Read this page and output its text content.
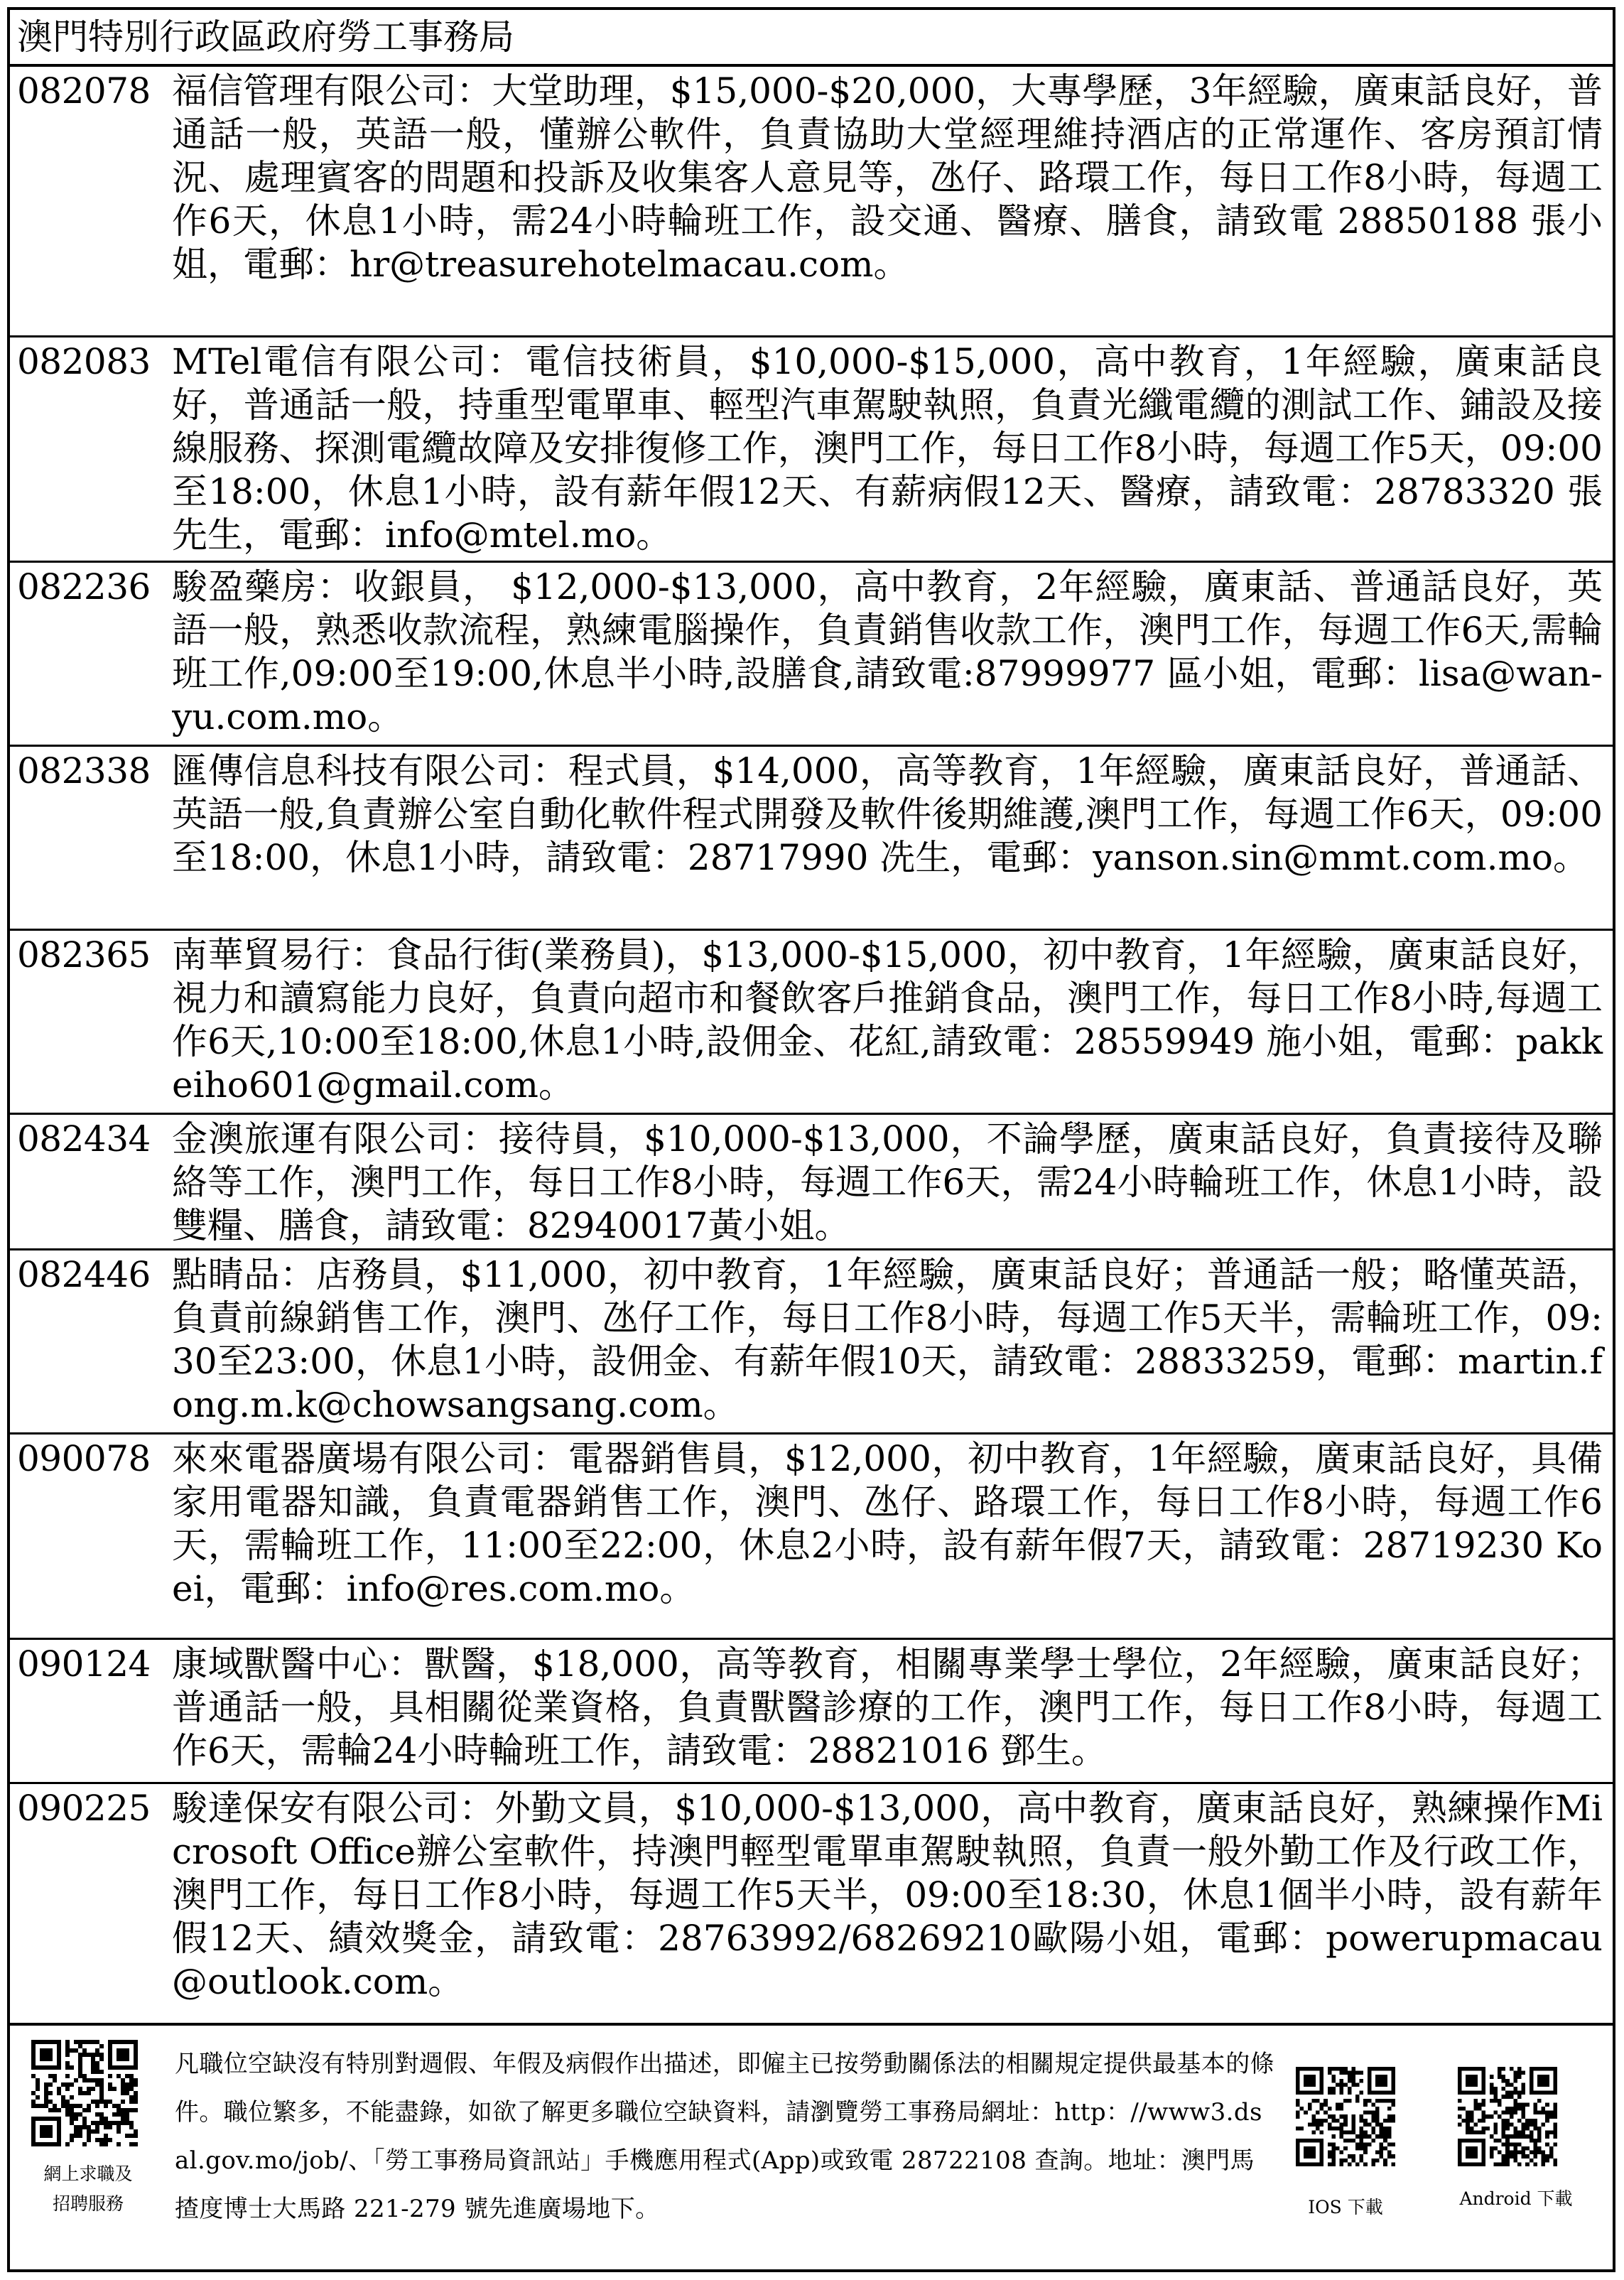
澳門特別行政區政府勞工事務局
082078 福信管理有限公司：大堂助理，$15,000-$20,000，大專學歷，3年經驗，廣東話良好，普通話一般，英語一般，懂辦公軟件，負責協助大堂經理維持酒店的正常運作、客房預訂情況、處理賓客的問題和投訴及收集客人意見等，氹仔、路環工作，每日工作8小時，每週工作6天，休息1小時，需24小時輪班工作，設交通、醫療、膳食，請致電 28850188 張小姐，電郵：hr@treasurehotelmacau.com。
082083 MTel電信有限公司：電信技術員，$10,000-$15,000，高中教育，1年經驗，廣東話良好，普通話一般，持重型電單車、輕型汽車駕駛執照，負責光纖電纜的測試工作、鋪設及接線服務、探測電纜故障及安排復修工作，澳門工作，每日工作8小時，每週工作5天，09:00至18:00，休息1小時，設有薪年假12天、有薪病假12天、醫療，請致電：28783320 張先生，電郵：info@mtel.mo。
082236 駿盈藥房：收銀員， $12,000-$13,000，高中教育，2年經驗，廣東話、普通話良好，英語一般，熟悉收款流程，熟練電腦操作，負責銷售收款工作，澳門工作，每週工作6天,需輪班工作,09:00至19:00,休息半小時,設膳食,請致電:87999977 區小姐，電郵：lisa@wan-yu.com.mo。
082338 匯傳信息科技有限公司：程式員，$14,000，高等教育，1年經驗，廣東話良好，普通話、英語一般,負責辦公室自動化軟件程式開發及軟件後期維護,澳門工作，每週工作6天，09:00至18:00，休息1小時，請致電：28717990 冼生，電郵：yanson.sin@mmt.com.mo。
082365 南華貿易行：食品行街(業務員)，$13,000-$15,000，初中教育，1年經驗，廣東話良好，視力和讀寫能力良好，負責向超市和餐飲客戶推銷食品，澳門工作，每日工作8小時,每週工作6天,10:00至18:00,休息1小時,設佣金、花紅,請致電：28559949 施小姐，電郵：pakkeiho601@gmail.com。
082434 金澳旅運有限公司：接待員，$10,000-$13,000，不論學歷，廣東話良好，負責接待及聯絡等工作，澳門工作，每日工作8小時，每週工作6天，需24小時輪班工作，休息1小時，設雙糧、膳食，請致電：82940017黃小姐。
082446 點睛品：店務員，$11,000，初中教育，1年經驗，廣東話良好；普通話一般；略懂英語，負責前線銷售工作，澳門、氹仔工作，每日工作8小時，每週工作5天半，需輪班工作，09:30至23:00，休息1小時，設佣金、有薪年假10天，請致電：28833259，電郵：martin.fong.m.k@chowsangsang.com。
090078 來來電器廣場有限公司：電器銷售員，$12,000，初中教育，1年經驗，廣東話良好，具備家用電器知識，負責電器銷售工作，澳門、氹仔、路環工作，每日工作8小時，每週工作6天，需輪班工作，11:00至22:00，休息2小時，設有薪年假7天，請致電：28719230 Koei，電郵：info@res.com.mo。
090124 康域獸醫中心：獸醫，$18,000，高等教育，相關專業學士學位，2年經驗，廣東話良好；普通話一般，具相關從業資格，負責獸醫診療的工作，澳門工作，每日工作8小時，每週工作6天，需輪24小時輪班工作，請致電：28821016 鄧生。
090225 駿達保安有限公司：外勤文員，$10,000-$13,000，高中教育，廣東話良好，熟練操作Microsoft Office辦公室軟件，持澳門輕型電單車駕駛執照，負責一般外勤工作及行政工作，澳門工作，每日工作8小時，每週工作5天半，09:00至18:30，休息1個半小時，設有薪年假12天、績效獎金，請致電：28763992/68269210歐陽小姐，電郵：powerupmacau@outlook.com。
網上求職及
招聘服務
凡職位空缺沒有特別對週假、年假及病假作出描述，即僱主已按勞動關係法的相關規定提供最基本的條件。職位繁多，不能盡錄，如欲了解更多職位空缺資料，請瀏覽勞工事務局網址：http：//www3.dsal.gov.mo/job/、「勞工事務局資訊站」手機應用程式(App)或致電 28722108 查詢。地址：澳門馬揸度博士大馬路 221-279 號先進廣場地下。	IOS 下載	Android 下載
